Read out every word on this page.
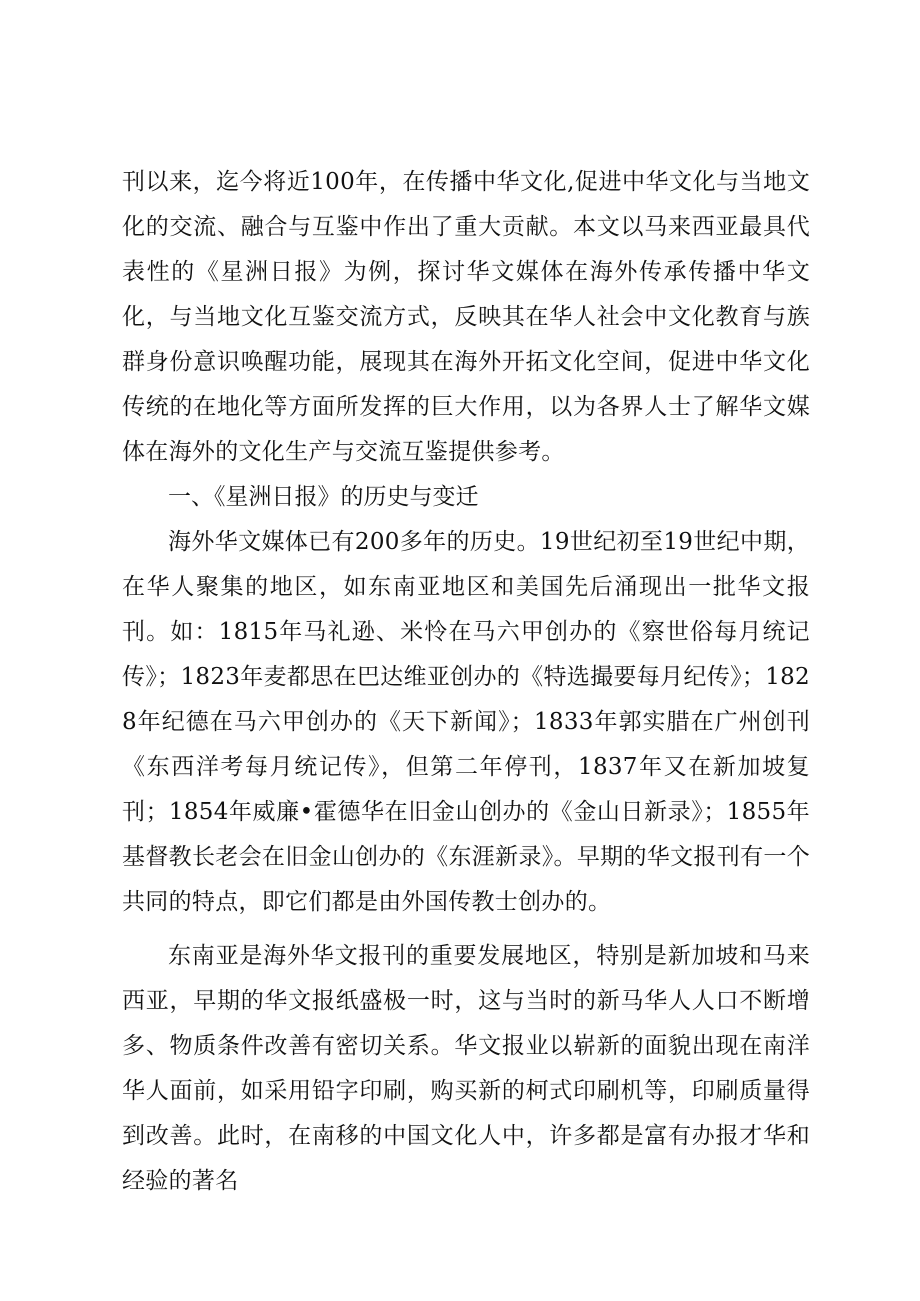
刊以来，迄今将近100年，在传播中华文化,促进中华文化与当地文化的交流、融合与互鉴中作出了重大贡献。本文以马来西亚最具代表性的《星洲日报》为例，探讨华文媒体在海外传承传播中华文化，与当地文化互鉴交流方式，反映其在华人社会中文化教育与族群身份意识唤醒功能，展现其在海外开拓文化空间，促进中华文化传统的在地化等方面所发挥的巨大作用，以为各界人士了解华文媒体在海外的文化生产与交流互鉴提供参考。

一、《星洲日报》的历史与变迁

海外华文媒体已有200多年的历史。19世纪初至19世纪中期，在华人聚集的地区，如东南亚地区和美国先后涌现出一批华文报刊。如：1815年马礼逊、米怜在马六甲创办的《察世俗每月统记传》；1823年麦都思在巴达维亚创办的《特选撮要每月纪传》；1828年纪德在马六甲创办的《天下新闻》；1833年郭实腊在广州创刊《东西洋考每月统记传》，但第二年停刊，1837年又在新加坡复刊；1854年威廉•霍德华在旧金山创办的《金山日新录》；1855年基督教长老会在旧金山创办的《东涯新录》。早期的华文报刊有一个共同的特点，即它们都是由外国传教士创办的。

东南亚是海外华文报刊的重要发展地区，特别是新加坡和马来西亚，早期的华文报纸盛极一时，这与当时的新马华人人口不断增多、物质条件改善有密切关系。华文报业以崭新的面貌出现在南洋华人面前，如采用铅字印刷，购买新的柯式印刷机等，印刷质量得到改善。此时，在南移的中国文化人中，许多都是富有办报才华和经验的著名
